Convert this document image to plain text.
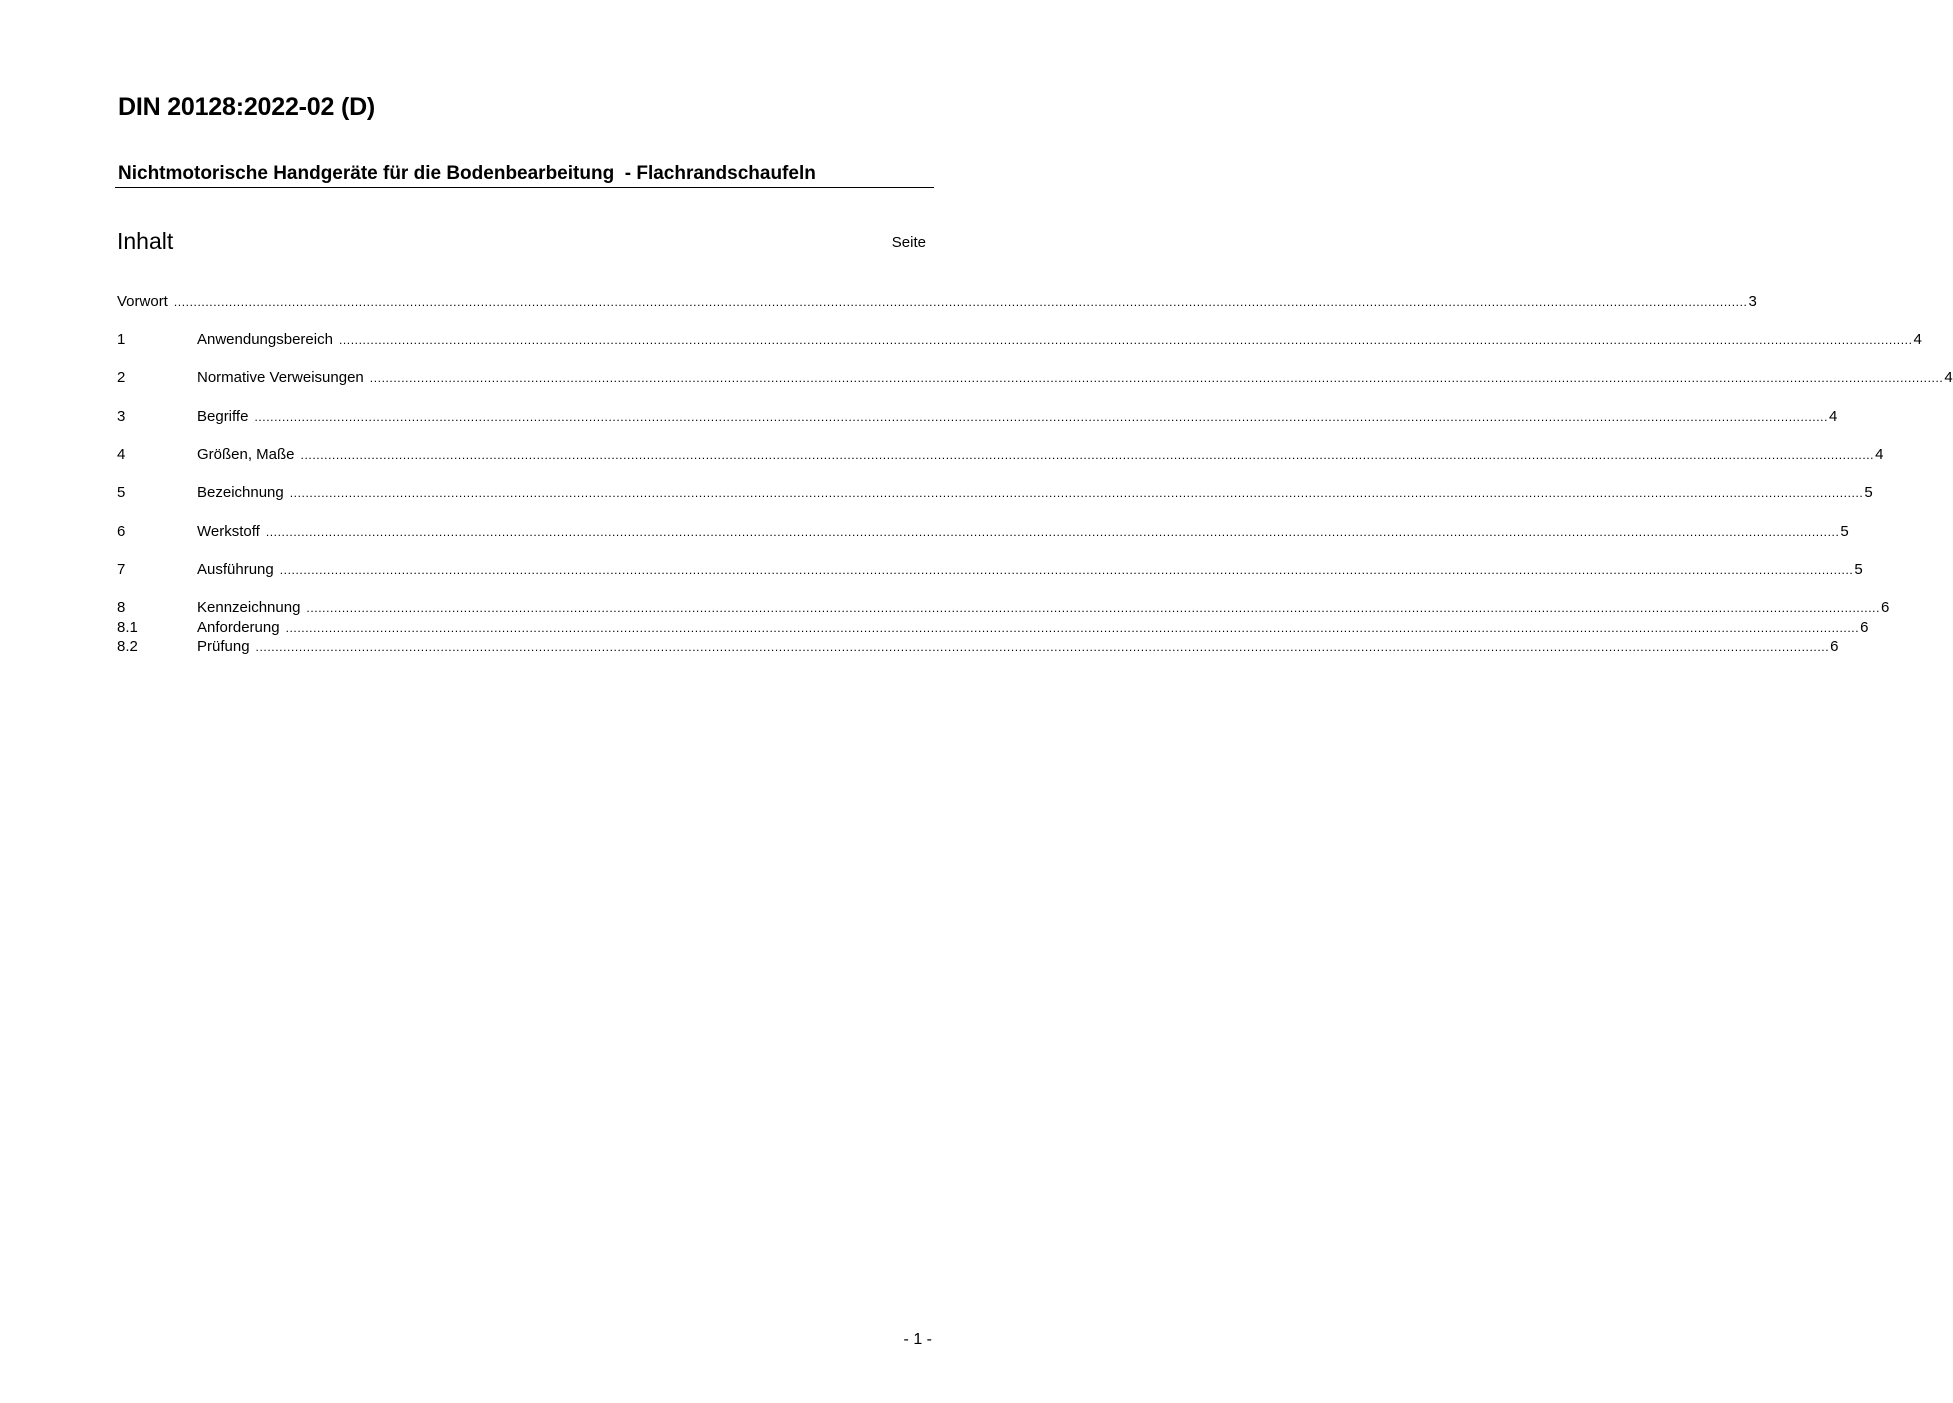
DIN 20128:2022-02 (D)
Nichtmotorische Handgeräte für die Bodenbearbeitung  - Flachrandschaufeln
Inhalt	Seite
Vorwort ................................................................................................................................................................................................................................................................................................................................................................................................................ 3
1	Anwendungsbereich ................................................................................................................................................................................................................................................................................................................................................................................................................ 4
2	Normative Verweisungen ................................................................................................................................................................................................................................................................................................................................................................................................................ 4
3	Begriffe ................................................................................................................................................................................................................................................................................................................................................................................................................ 4
4	Größen, Maße ................................................................................................................................................................................................................................................................................................................................................................................................................ 4
5	Bezeichnung ................................................................................................................................................................................................................................................................................................................................................................................................................ 5
6	Werkstoff ................................................................................................................................................................................................................................................................................................................................................................................................................ 5
7	Ausführung ................................................................................................................................................................................................................................................................................................................................................................................................................ 5
8	Kennzeichnung ................................................................................................................................................................................................................................................................................................................................................................................................................ 6
8.1	Anforderung ................................................................................................................................................................................................................................................................................................................................................................................................................ 6
8.2	Prüfung ................................................................................................................................................................................................................................................................................................................................................................................................................ 6
- 1 -
